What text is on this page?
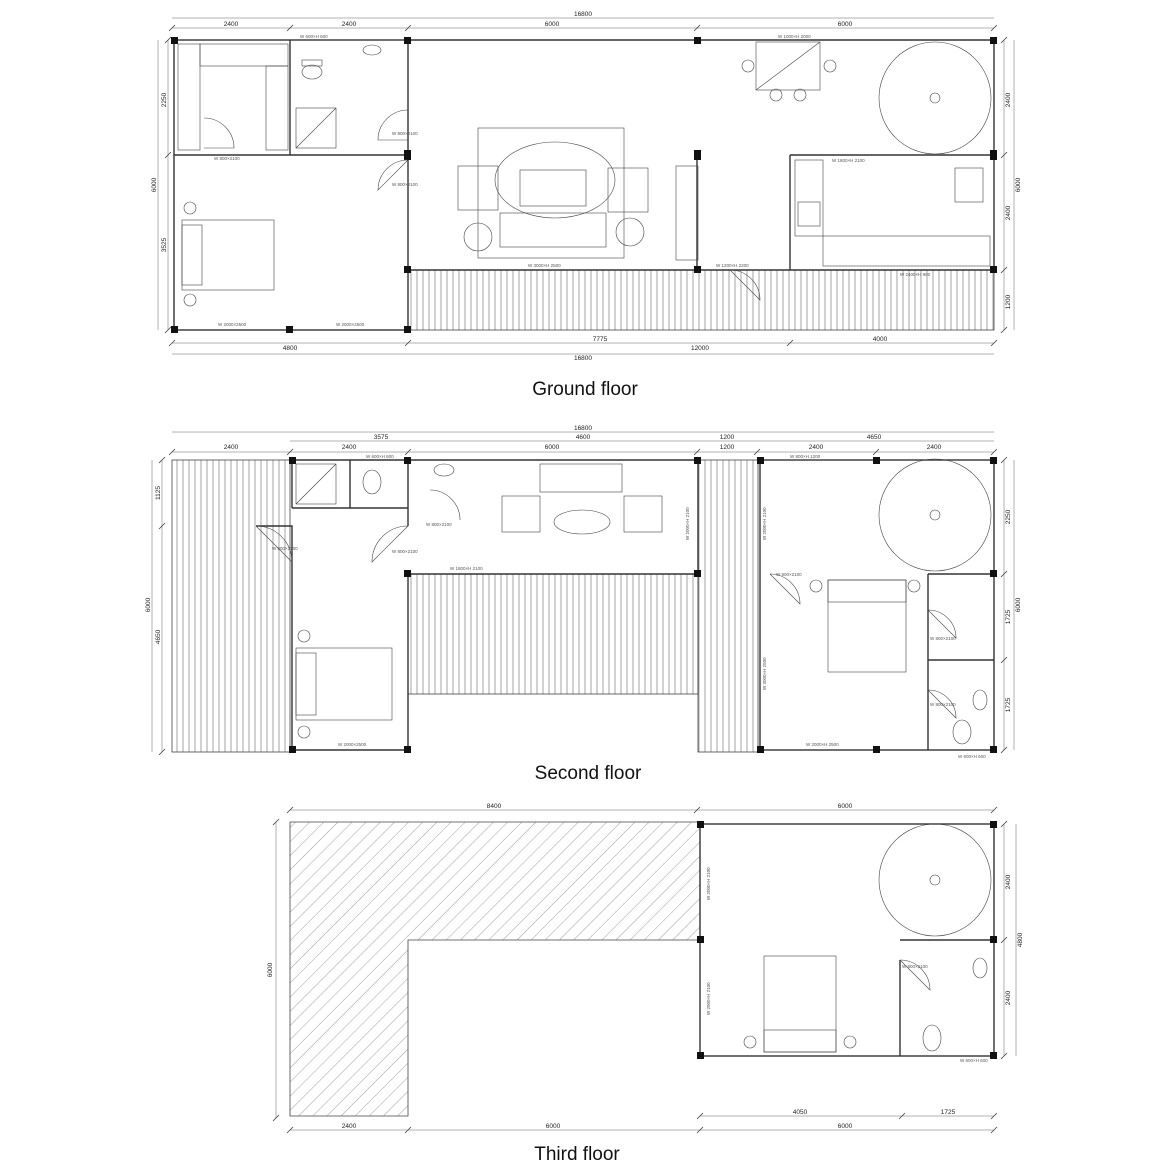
16800
2400	2400	6000	6000
4800
7775
12000
4000
16800
6000
2250
3525
6000
2400
2400
1200
W 600×H 600	W 1000×H 2000
W 800×2100
W 800×2100
W 800×2100
W 3000×H 2500
W 1800×H 2100
W 1200×H 2200
W 2400×H 900
W 2000×2500	W 2000×2500
Ground floor
16800
2400	2400
3575	4600
6000
1200
1200	2400
4650
2400
6000
1125
4650
6000
2250
1725
1725
W 600×H 600
W 800×2100
W 800×2100
W 800×2100
W 1800×H 2100
W 2000×H 2100
W 2000×2500
W 800×H 1200
W 2000×H 2100
W 800×2100
W 3000×H 2500
W 800×2100
W 800×2100
W 2000×H 2500
W 600×H 600
Second floor
8400	6000
4050	1725
2400	6000	6000
6000
4800
2400
2400
W 2000×H 2100
W 2000×H 2100
W 800×2100
W 600×H 600
Third floor
